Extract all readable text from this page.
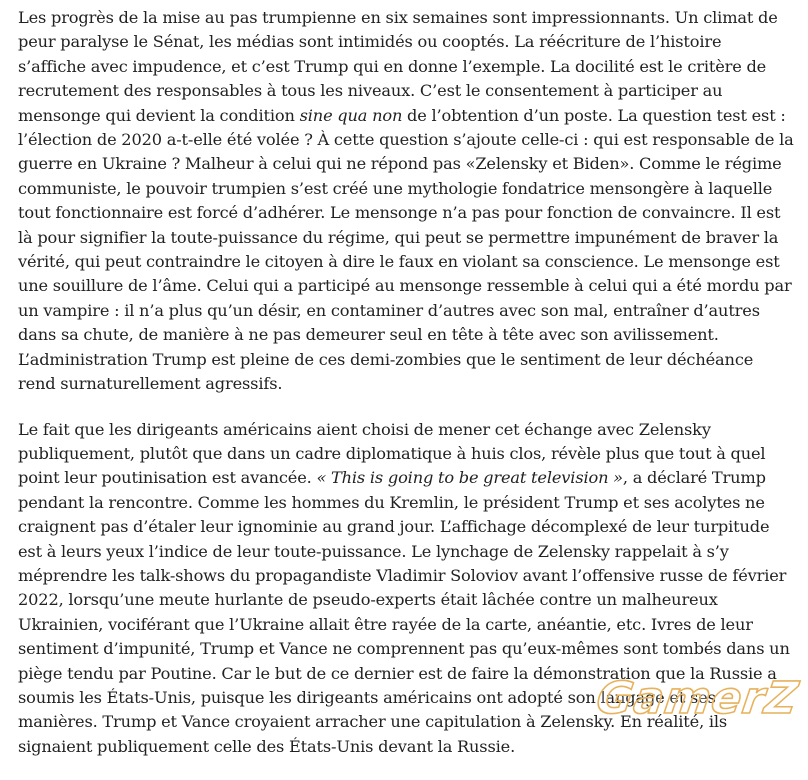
Les progrès de la mise au pas trumpienne en six semaines sont impressionnants. Un climat de peur paralyse le Sénat, les médias sont intimidés ou cooptés. La réécriture de l’histoire s’affiche avec impudence, et c’est Trump qui en donne l’exemple. La docilité est le critère de recrutement des responsables à tous les niveaux. C’est le consentement à participer au mensonge qui devient la condition sine qua non de l’obtention d’un poste. La question test est : l’élection de 2020 a-t-elle été volée ? À cette question s’ajoute celle-ci : qui est responsable de la guerre en Ukraine ? Malheur à celui qui ne répond pas «Zelensky et Biden». Comme le régime communiste, le pouvoir trumpien s’est créé une mythologie fondatrice mensongère à laquelle tout fonctionnaire est forcé d’adhérer. Le mensonge n’a pas pour fonction de convaincre. Il est là pour signifier la toute-puissance du régime, qui peut se permettre impunément de braver la vérité, qui peut contraindre le citoyen à dire le faux en violant sa conscience. Le mensonge est une souillure de l’âme. Celui qui a participé au mensonge ressemble à celui qui a été mordu par un vampire : il n’a plus qu’un désir, en contaminer d’autres avec son mal, entraîner d’autres dans sa chute, de manière à ne pas demeurer seul en tête à tête avec son avilissement. L’administration Trump est pleine de ces demi-zombies que le sentiment de leur déchéance rend surnaturellement agressifs.

Le fait que les dirigeants américains aient choisi de mener cet échange avec Zelensky publiquement, plutôt que dans un cadre diplomatique à huis clos, révèle plus que tout à quel point leur poutinisation est avancée. « This is going to be great television », a déclaré Trump pendant la rencontre. Comme les hommes du Kremlin, le président Trump et ses acolytes ne craignent pas d’étaler leur ignominie au grand jour. L’affichage décomplexé de leur turpitude est à leurs yeux l’indice de leur toute-puissance. Le lynchage de Zelensky rappelait à s’y méprendre les talk-shows du propagandiste Vladimir Soloviov avant l’offensive russe de février 2022, lorsqu’une meute hurlante de pseudo-experts était lâchée contre un malheureux Ukrainien, vociférant que l’Ukraine allait être rayée de la carte, anéantie, etc. Ivres de leur sentiment d’impunité, Trump et Vance ne comprennent pas qu’eux-mêmes sont tombés dans un piège tendu par Poutine. Car le but de ce dernier est de faire la démonstration que la Russie a soumis les États-Unis, puisque les dirigeants américains ont adopté son langage et ses manières. Trump et Vance croyaient arracher une capitulation à Zelensky. En réalité, ils signaient publiquement celle des États-Unis devant la Russie.

GamerZ
